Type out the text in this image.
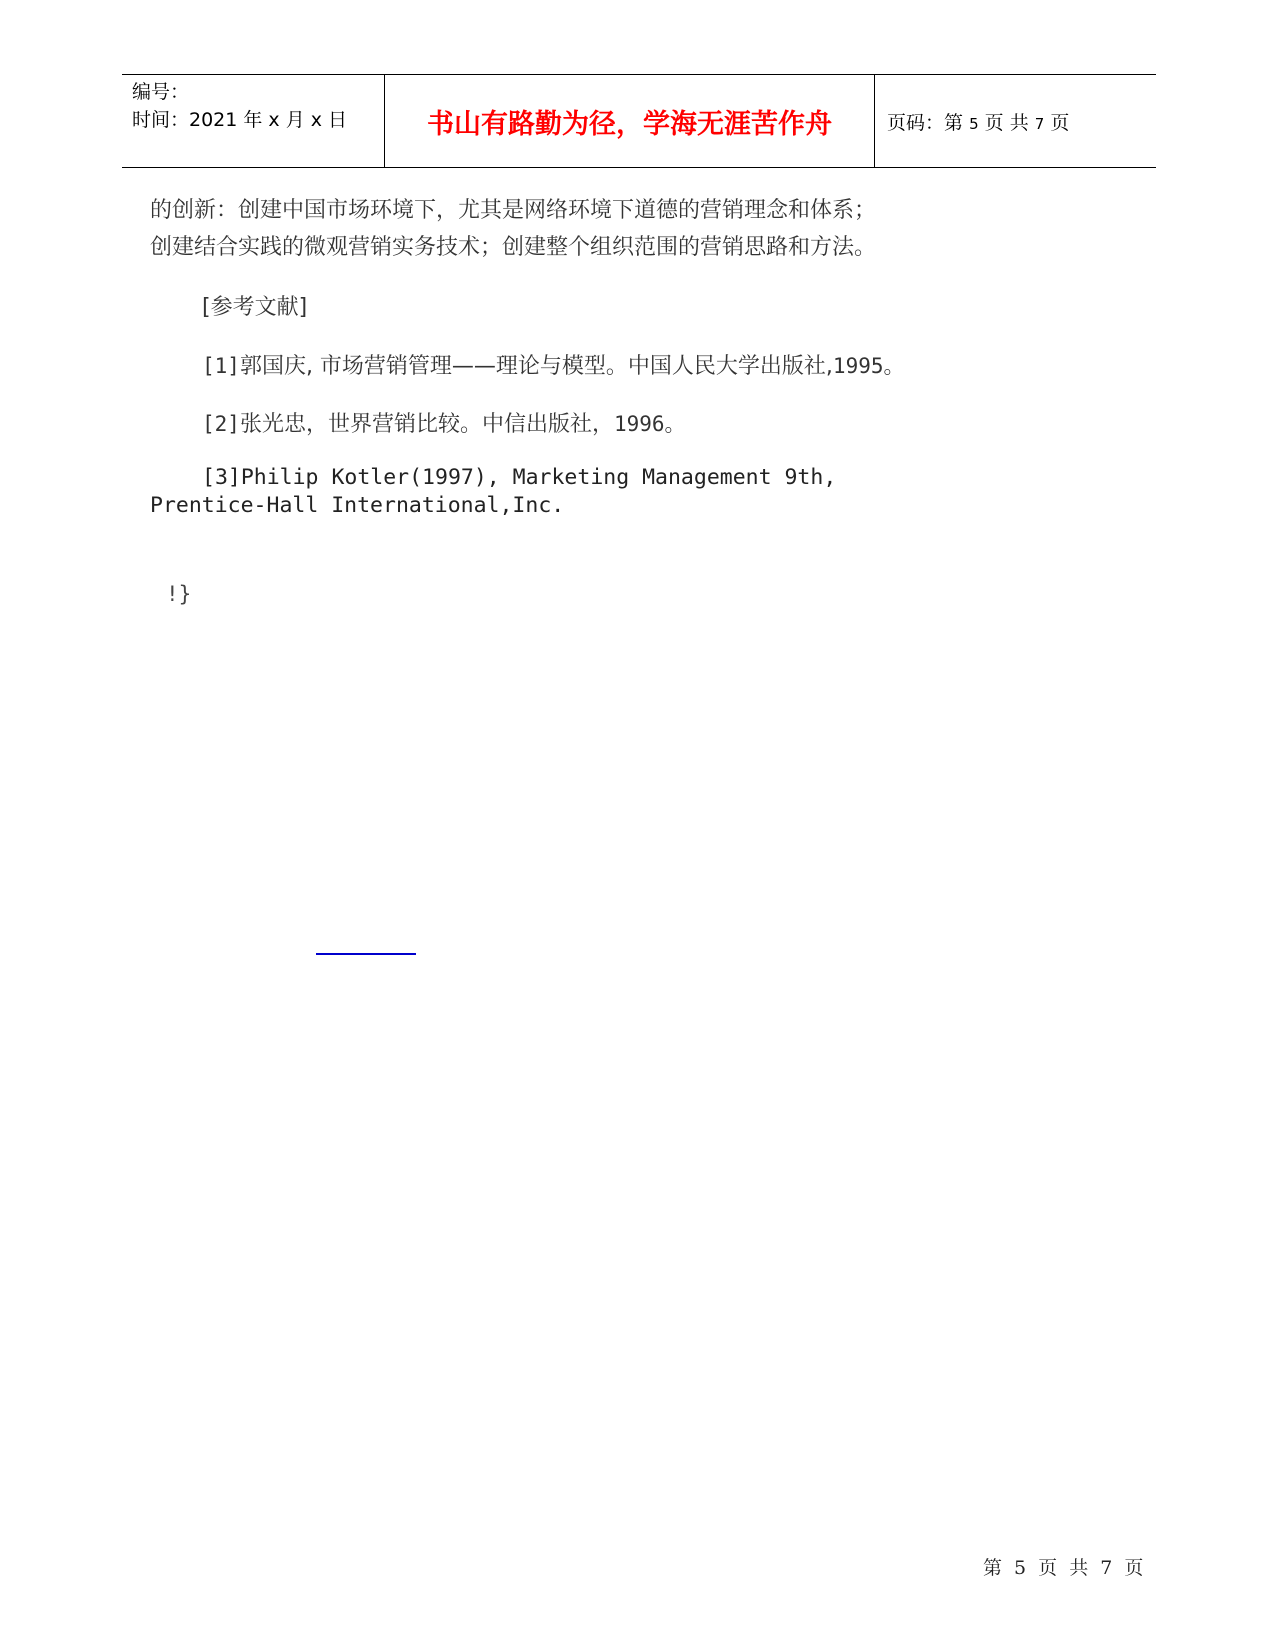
编号：
时间：2021 年 x 月 x 日	书山有路勤为径，学海无涯苦作舟	页码：第 5 页 共 7 页
的创新：创建中国市场环境下，尤其是网络环境下道德的营销理念和体系；
创建结合实践的微观营销实务技术；创建整个组织范围的营销思路和方法。
[参考文献]
[1]郭国庆, 市场营销管理——理论与模型。中国人民大学出版社,1995。
[2]张光忠，世界营销比较。中信出版社，1996。
[3]Philip Kotler(1997), Marketing Management 9th,
Prentice-Hall International,Inc.
!}
第 5 页 共 7 页
